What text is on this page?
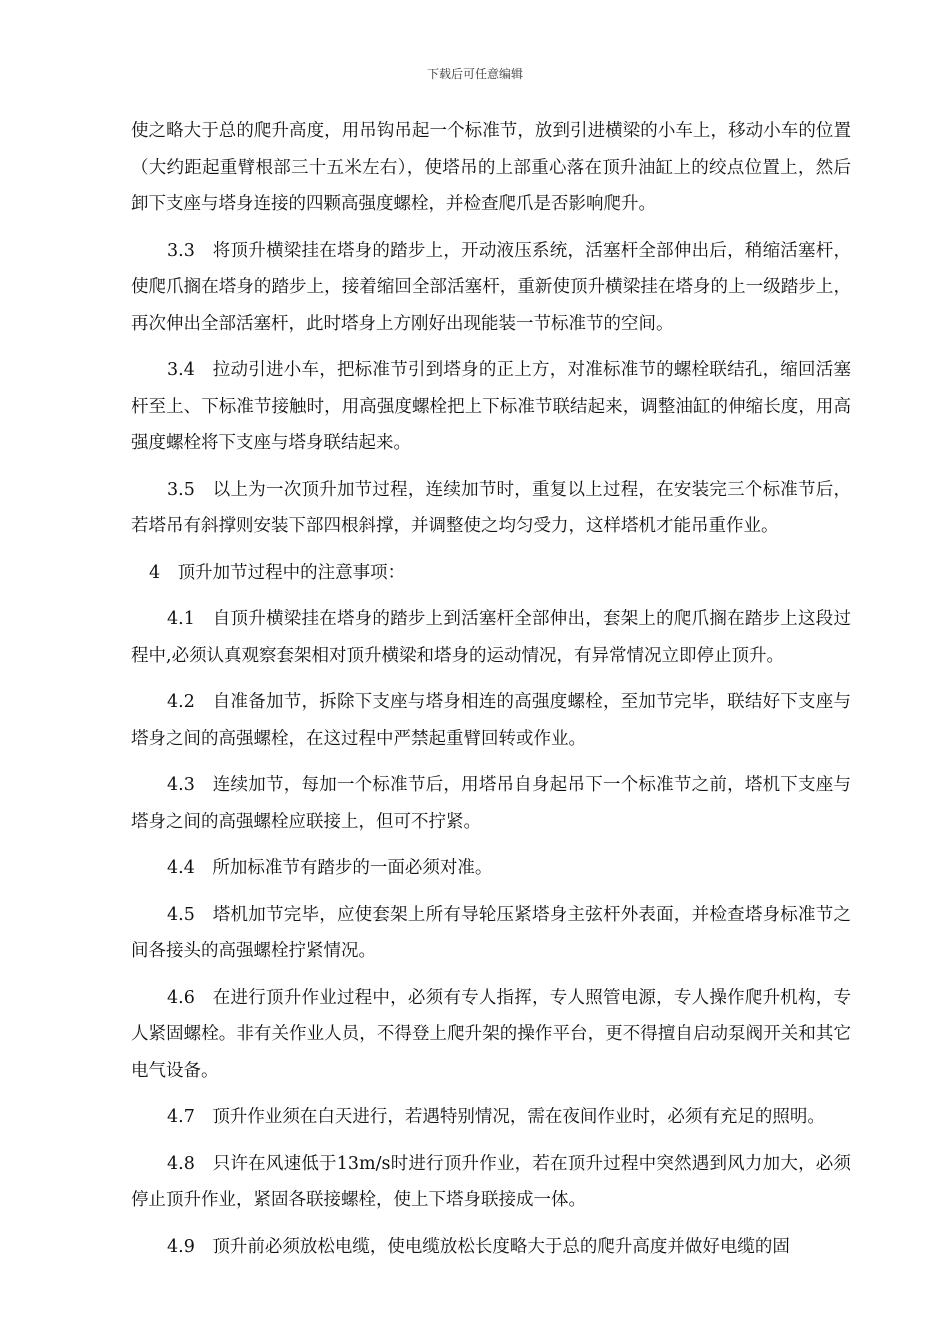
下载后可任意编辑

使之略大于总的爬升高度，用吊钩吊起一个标准节，放到引进横梁的小车上，移动小车的位置（大约距起重臂根部三十五米左右），使塔吊的上部重心落在顶升油缸上的绞点位置上，然后卸下支座与塔身连接的四颗高强度螺栓，并检查爬爪是否影响爬升。

3.3　将顶升横梁挂在塔身的踏步上，开动液压系统，活塞杆全部伸出后，稍缩活塞杆，使爬爪搁在塔身的踏步上，接着缩回全部活塞杆，重新使顶升横梁挂在塔身的上一级踏步上，再次伸出全部活塞杆，此时塔身上方刚好出现能装一节标准节的空间。

3.4　拉动引进小车，把标准节引到塔身的正上方，对准标准节的螺栓联结孔，缩回活塞杆至上、下标准节接触时，用高强度螺栓把上下标准节联结起来，调整油缸的伸缩长度，用高强度螺栓将下支座与塔身联结起来。

3.5　以上为一次顶升加节过程，连续加节时，重复以上过程，在安装完三个标准节后，若塔吊有斜撑则安装下部四根斜撑，并调整使之均匀受力，这样塔机才能吊重作业。

4　顶升加节过程中的注意事项：

4.1　自顶升横梁挂在塔身的踏步上到活塞杆全部伸出，套架上的爬爪搁在踏步上这段过程中,必须认真观察套架相对顶升横梁和塔身的运动情况，有异常情况立即停止顶升。

4.2　自准备加节，拆除下支座与塔身相连的高强度螺栓，至加节完毕，联结好下支座与塔身之间的高强螺栓，在这过程中严禁起重臂回转或作业。

4.3　连续加节，每加一个标准节后，用塔吊自身起吊下一个标准节之前，塔机下支座与塔身之间的高强螺栓应联接上，但可不拧紧。

4.4　所加标准节有踏步的一面必须对准。

4.5　塔机加节完毕，应使套架上所有导轮压紧塔身主弦杆外表面，并检查塔身标准节之间各接头的高强螺栓拧紧情况。

4.6　在进行顶升作业过程中，必须有专人指挥，专人照管电源，专人操作爬升机构，专人紧固螺栓。非有关作业人员，不得登上爬升架的操作平台，更不得擅自启动泵阀开关和其它电气设备。

4.7　顶升作业须在白天进行，若遇特别情况，需在夜间作业时，必须有充足的照明。

4.8　只许在风速低于13m/s时进行顶升作业，若在顶升过程中突然遇到风力加大，必须停止顶升作业，紧固各联接螺栓，使上下塔身联接成一体。

4.9　顶升前必须放松电缆，使电缆放松长度略大于总的爬升高度并做好电缆的固
